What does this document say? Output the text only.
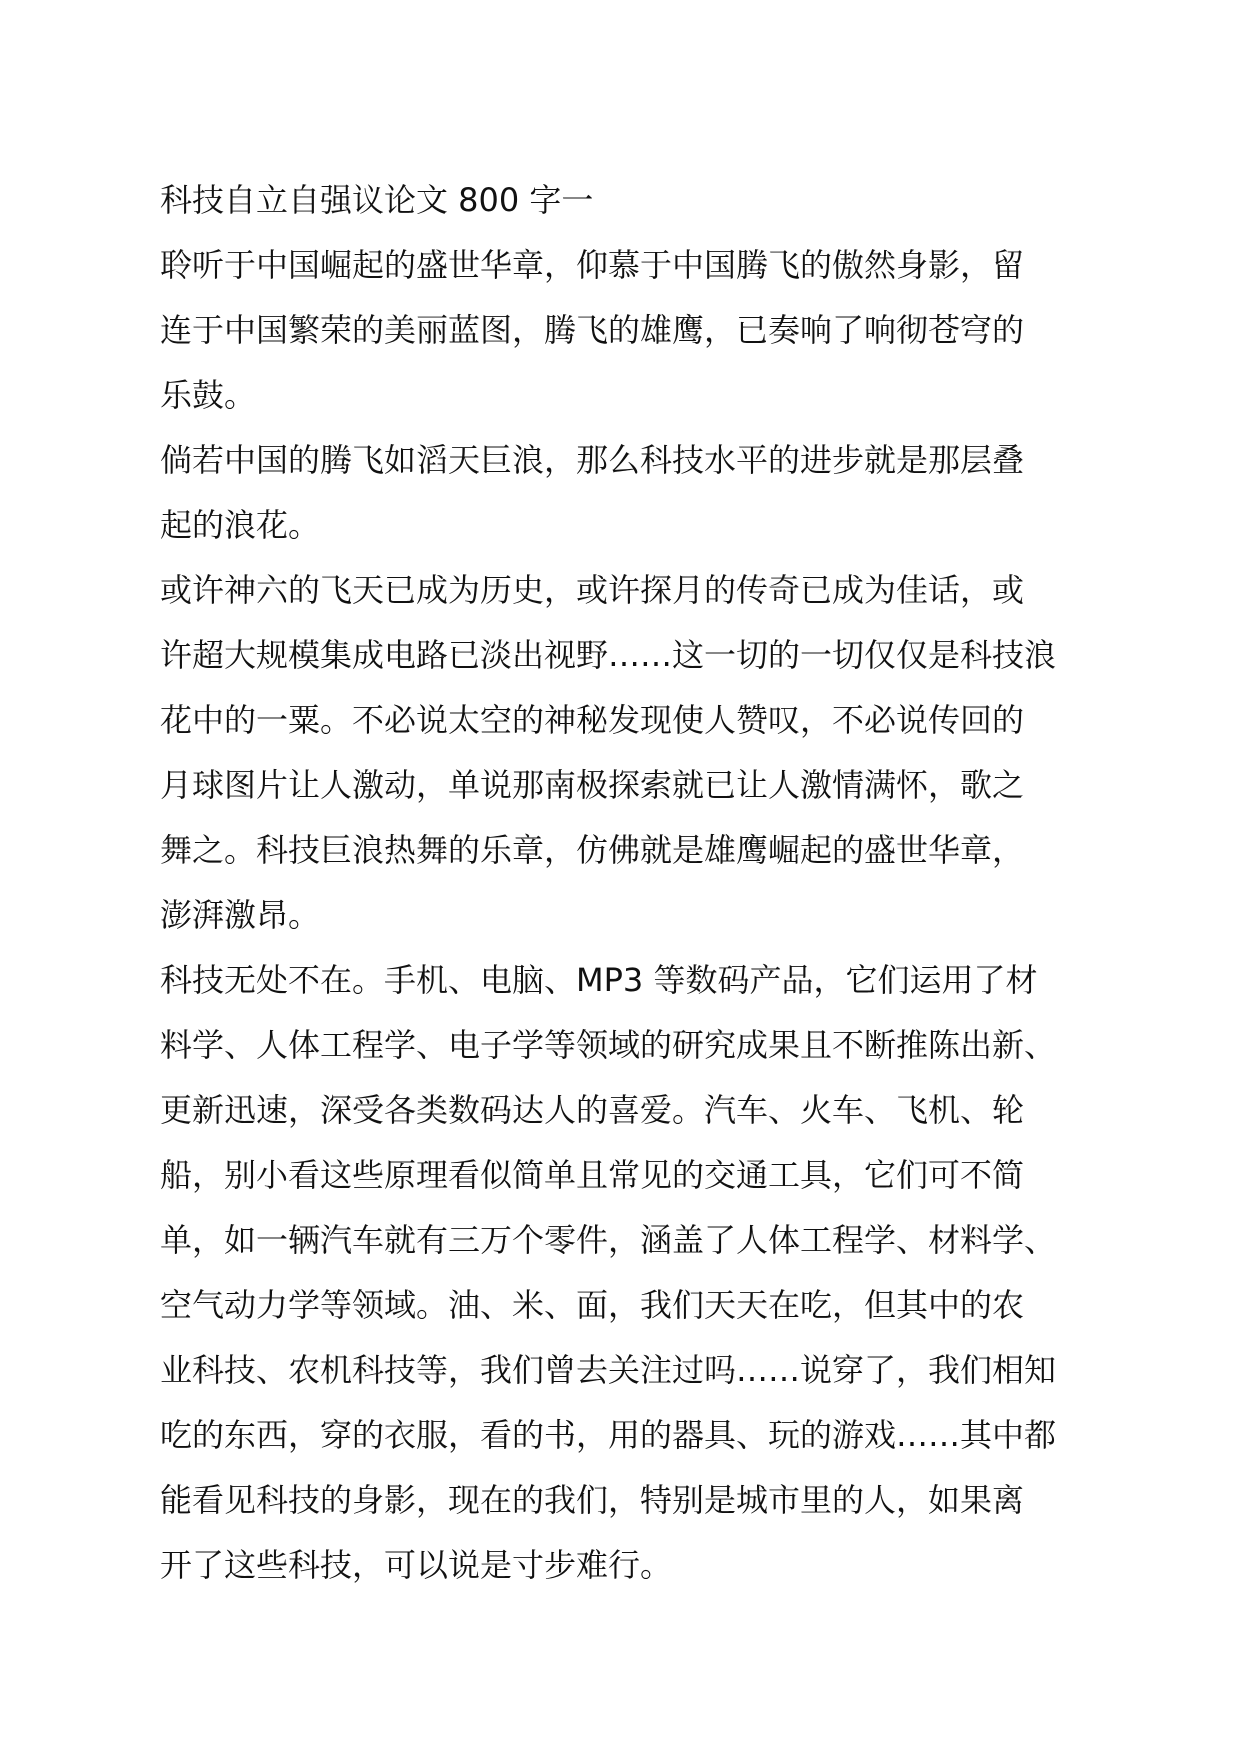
科技自立自强议论文 800 字一
聆听于中国崛起的盛世华章，仰慕于中国腾飞的傲然身影，留
连于中国繁荣的美丽蓝图，腾飞的雄鹰，已奏响了响彻苍穹的
乐鼓。
倘若中国的腾飞如滔天巨浪，那么科技水平的进步就是那层叠
起的浪花。
或许神六的飞天已成为历史，或许探月的传奇已成为佳话，或
许超大规模集成电路已淡出视野……这一切的一切仅仅是科技浪
花中的一粟。不必说太空的神秘发现使人赞叹，不必说传回的
月球图片让人激动，单说那南极探索就已让人激情满怀，歌之
舞之。科技巨浪热舞的乐章，仿佛就是雄鹰崛起的盛世华章，
澎湃激昂。
科技无处不在。手机、电脑、MP3 等数码产品，它们运用了材
料学、人体工程学、电子学等领域的研究成果且不断推陈出新、
更新迅速，深受各类数码达人的喜爱。汽车、火车、飞机、轮
船，别小看这些原理看似简单且常见的交通工具，它们可不简
单，如一辆汽车就有三万个零件，涵盖了人体工程学、材料学、
空气动力学等领域。油、米、面，我们天天在吃，但其中的农
业科技、农机科技等，我们曾去关注过吗……说穿了，我们相知
吃的东西，穿的衣服，看的书，用的器具、玩的游戏……其中都
能看见科技的身影，现在的我们，特别是城市里的人，如果离
开了这些科技，可以说是寸步难行。
